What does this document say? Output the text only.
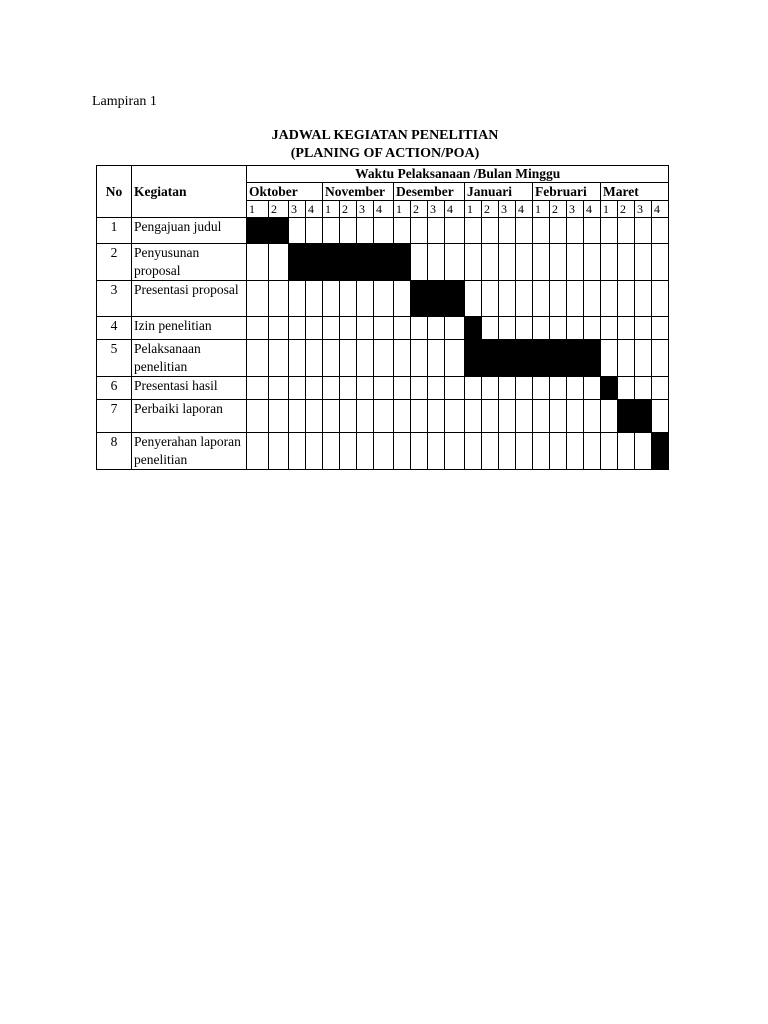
Lampiran 1
JADWAL KEGIATAN PENELITIAN
(PLANING OF ACTION/POA)
No	Kegiatan	Waktu Pelaksanaan /Bulan Minggu																							
		Oktober				November				Desember				Januari				Februari				Maret			
		1	2	3	4	1	2	3	4	1	2	3	4	1	2	3	4	1	2	3	4	1	2	3	4
1	Pengajuan judul																								
2	Penyusunan proposal																								
3	Presentasi proposal																								
4	Izin penelitian																								
5	Pelaksanaan penelitian																								
6	Presentasi hasil																								
7	Perbaiki laporan																								
8	Penyerahan laporan penelitian																								
